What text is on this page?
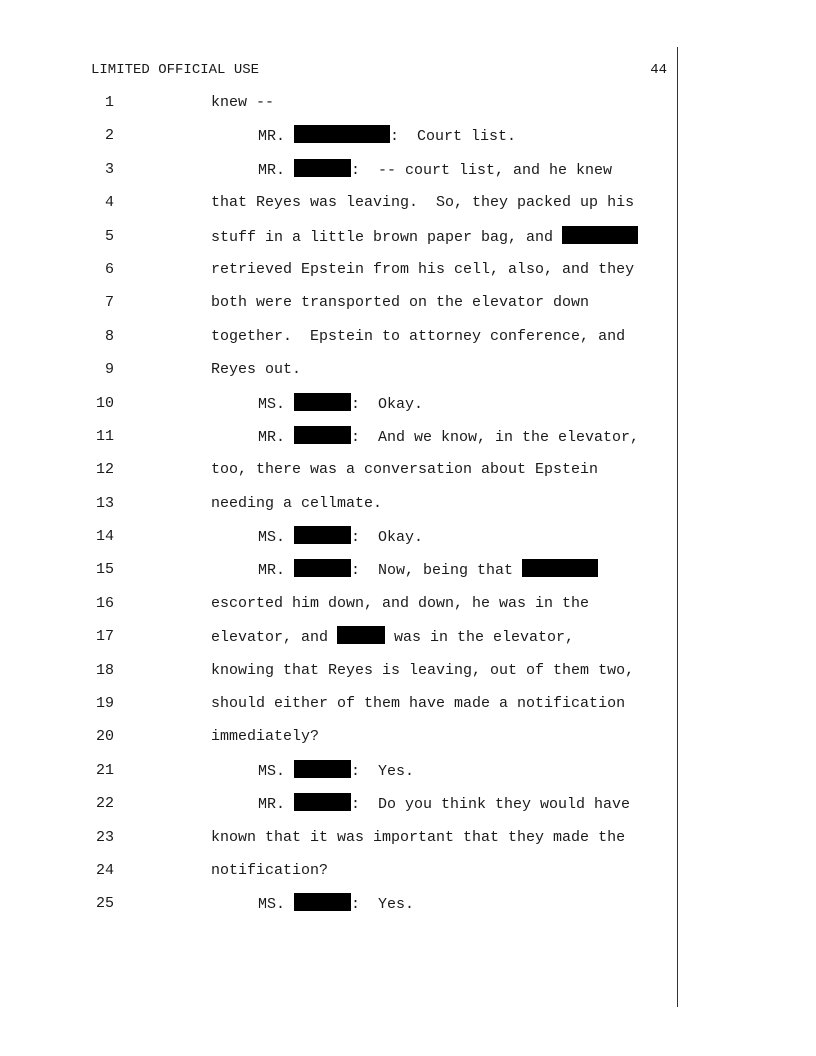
LIMITED OFFICIAL USE	44
1	knew --
2	MR.	:  Court list.
3	MR.	:  -- court list, and he knew
4	that Reyes was leaving.  So, they packed up his
5	stuff in a little brown paper bag, and
6	retrieved Epstein from his cell, also, and they
7	both were transported on the elevator down
8	together.  Epstein to attorney conference, and
9	Reyes out.
10	MS.	:  Okay.
11	MR.	:  And we know, in the elevator,
12	too, there was a conversation about Epstein
13	needing a cellmate.
14	MS.	:  Okay.
15	MR.	:  Now, being that
16	escorted him down, and down, he was in the
17	elevator, and	was in the elevator,
18	knowing that Reyes is leaving, out of them two,
19	should either of them have made a notification
20	immediately?
21	MS.	:  Yes.
22	MR.	:  Do you think they would have
23	known that it was important that they made the
24	notification?
25	MS.	:  Yes.
